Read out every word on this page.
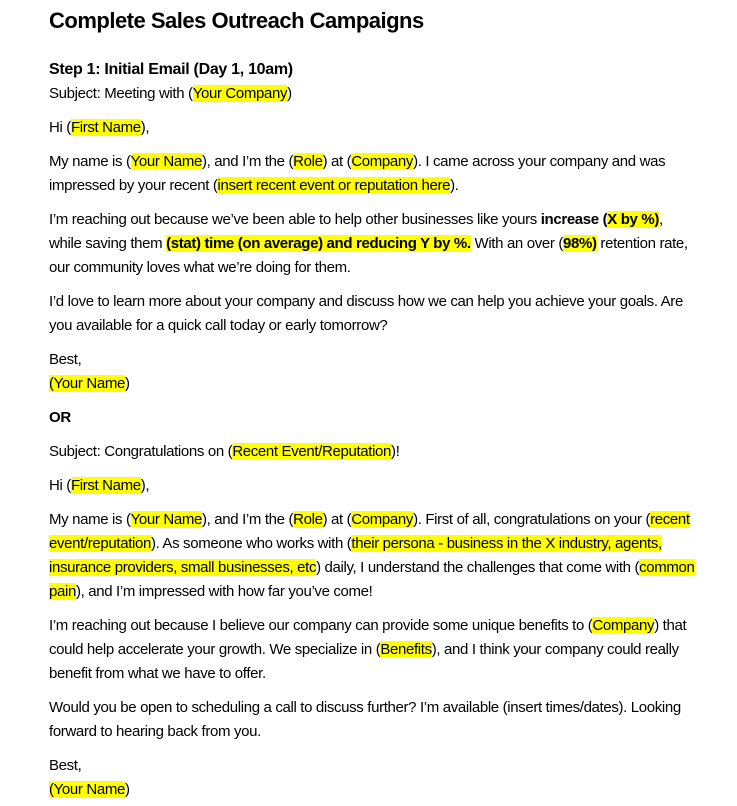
Complete Sales Outreach Campaigns
Step 1: Initial Email (Day 1, 10am)

Subject: Meeting with (Your Company)

Hi (First Name),

My name is (Your Name), and I’m the (Role) at (Company). I came across your company and was impressed by your recent (insert recent event or reputation here).

I’m reaching out because we’ve been able to help other businesses like yours increase (X by %), while saving them (stat) time (on average) and reducing Y by %. With an over (98%) retention rate, our community loves what we’re doing for them.

I’d love to learn more about your company and discuss how we can help you achieve your goals. Are you available for a quick call today or early tomorrow?

Best,

(Your Name)

OR

Subject: Congratulations on (Recent Event/Reputation)!

Hi (First Name),

My name is (Your Name), and I’m the (Role) at (Company). First of all, congratulations on your (recent event/reputation). As someone who works with (their persona - business in the X industry, agents, insurance providers, small businesses, etc) daily, I understand the challenges that come with (common pain), and I’m impressed with how far you’ve come!

I’m reaching out because I believe our company can provide some unique benefits to (Company) that could help accelerate your growth. We specialize in (Benefits), and I think your company could really benefit from what we have to offer.

Would you be open to scheduling a call to discuss further? I’m available (insert times/dates). Looking forward to hearing back from you.

Best,

(Your Name)
